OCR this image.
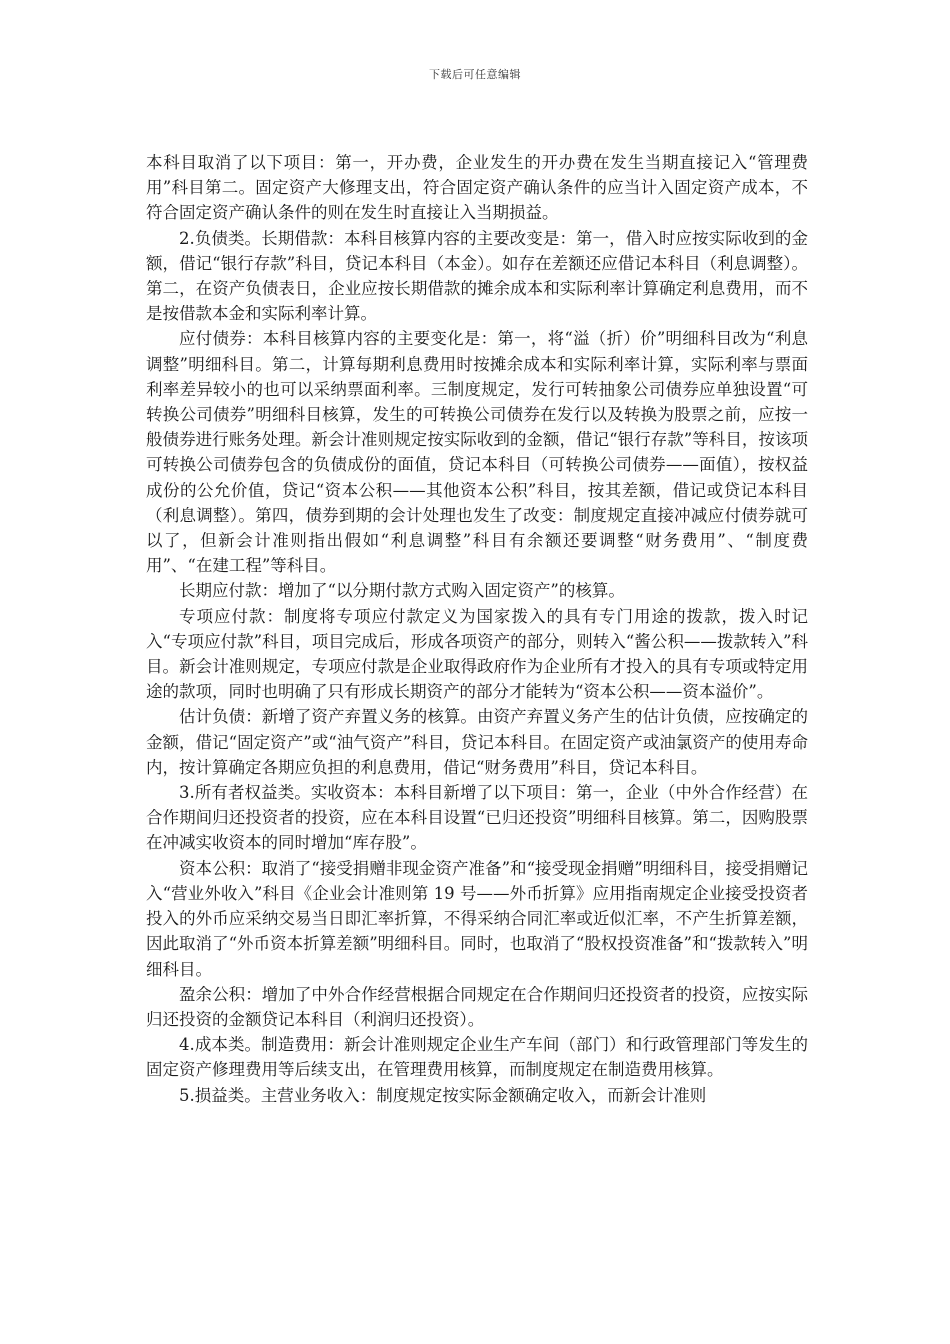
下载后可任意编辑

本科目取消了以下项目：第一，开办费，企业发生的开办费在发生当期直接记入“管理费用”科目第二。固定资产大修理支出，符合固定资产确认条件的应当计入固定资产成本，不符合固定资产确认条件的则在发生时直接让入当期损益。

2.负债类。长期借款：本科目核算内容的主要改变是：第一，借入时应按实际收到的金额，借记“银行存款”科目，贷记本科目（本金）。如存在差额还应借记本科目（利息调整）。第二，在资产负债表日，企业应按长期借款的摊余成本和实际利率计算确定利息费用，而不是按借款本金和实际利率计算。

应付债券：本科目核算内容的主要变化是：第一，将“溢（折）价”明细科目改为“利息调整”明细科目。第二，计算每期利息费用时按摊余成本和实际利率计算，实际利率与票面利率差异较小的也可以采纳票面利率。三制度规定，发行可转抽象公司债券应单独设置“可转换公司债券”明细科目核算，发生的可转换公司债券在发行以及转换为股票之前，应按一般债券进行账务处理。新会计准则规定按实际收到的金额，借记“银行存款”等科目，按该项可转换公司债券包含的负债成份的面值，贷记本科目（可转换公司债券——面值），按权益成份的公允价值，贷记“资本公积——其他资本公积”科目，按其差额，借记或贷记本科目（利息调整）。第四，债券到期的会计处理也发生了改变：制度规定直接冲减应付债券就可以了，但新会计准则指出假如“利息调整”科目有余额还要调整“财务费用”、“制度费用”、“在建工程”等科目。

长期应付款：增加了“以分期付款方式购入固定资产”的核算。

专项应付款：制度将专项应付款定义为国家拨入的具有专门用途的拨款，拨入时记入“专项应付款”科目，项目完成后，形成各项资产的部分，则转入“酱公积——拨款转入”科目。新会计准则规定，专项应付款是企业取得政府作为企业所有才投入的具有专项或特定用途的款项，同时也明确了只有形成长期资产的部分才能转为“资本公积——资本溢价”。

估计负债：新增了资产弃置义务的核算。由资产弃置义务产生的估计负债，应按确定的金额，借记“固定资产”或“油气资产”科目，贷记本科目。在固定资产或油氯资产的使用寿命内，按计算确定各期应负担的利息费用，借记“财务费用”科目，贷记本科目。

3.所有者权益类。实收资本：本科目新增了以下项目：第一，企业（中外合作经营）在合作期间归还投资者的投资，应在本科目设置“已归还投资”明细科目核算。第二，因购股票在冲减实收资本的同时增加“库存股”。

资本公积：取消了“接受捐赠非现金资产准备”和“接受现金捐赠”明细科目，接受捐赠记入“营业外收入”科目《企业会计准则第 19 号——外币折算》应用指南规定企业接受投资者投入的外币应采纳交易当日即汇率折算，不得采纳合同汇率或近似汇率，不产生折算差额，因此取消了“外币资本折算差额”明细科目。同时，也取消了“股权投资准备”和“拨款转入”明细科目。

盈余公积：增加了中外合作经营根据合同规定在合作期间归还投资者的投资，应按实际归还投资的金额贷记本科目（利润归还投资）。

4.成本类。制造费用：新会计准则规定企业生产车间（部门）和行政管理部门等发生的固定资产修理费用等后续支出，在管理费用核算，而制度规定在制造费用核算。

5.损益类。主营业务收入：制度规定按实际金额确定收入，而新会计准则
